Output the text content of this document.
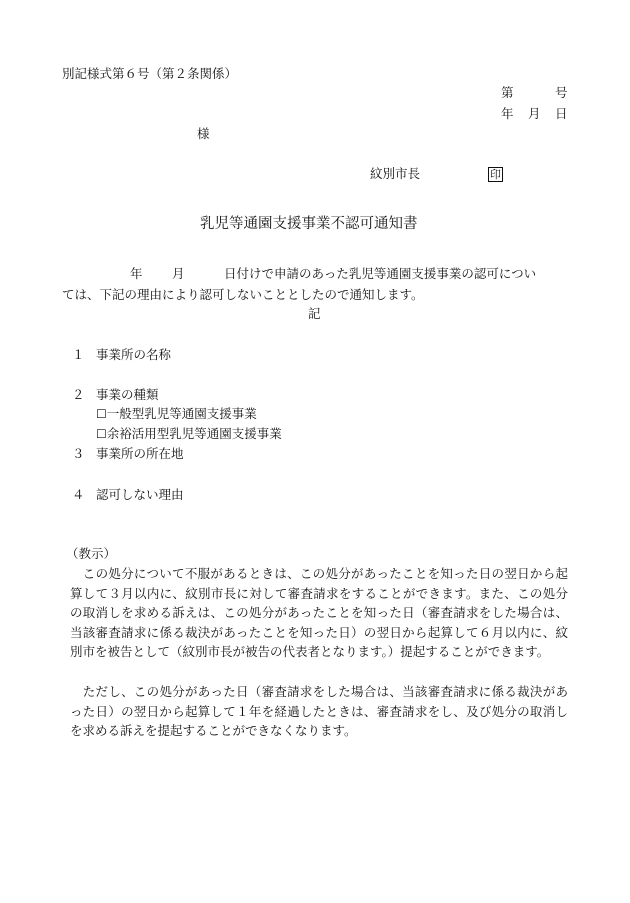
別記様式第６号（第２条関係）

第	号

年 月 日

様

紋別市長	印

乳児等通園支援事業不認可通知書

年 月	日付けで申請のあった乳児等通園支援事業の認可につい

ては、下記の理由により認可しないこととしたので通知します。

記

１ 事業所の名称

２ 事業の種類

☐一般型乳児等通園支援事業

☐余裕活用型乳児等通園支援事業

３ 事業所の所在地

４ 認可しない理由

（教示）

　この処分について不服があるときは、この処分があったことを知った日の翌日から起算して３月以内に、紋別市長に対して審査請求をすることができます。また、この処分の取消しを求める訴えは、この処分があったことを知った日（審査請求をした場合は、当該審査請求に係る裁決があったことを知った日）の翌日から起算して６月以内に、紋別市を被告として（紋別市長が被告の代表者となります。）提起することができます。

　ただし、この処分があった日（審査請求をした場合は、当該審査請求に係る裁決があった日）の翌日から起算して１年を経過したときは、審査請求をし、及び処分の取消しを求める訴えを提起することができなくなります。
